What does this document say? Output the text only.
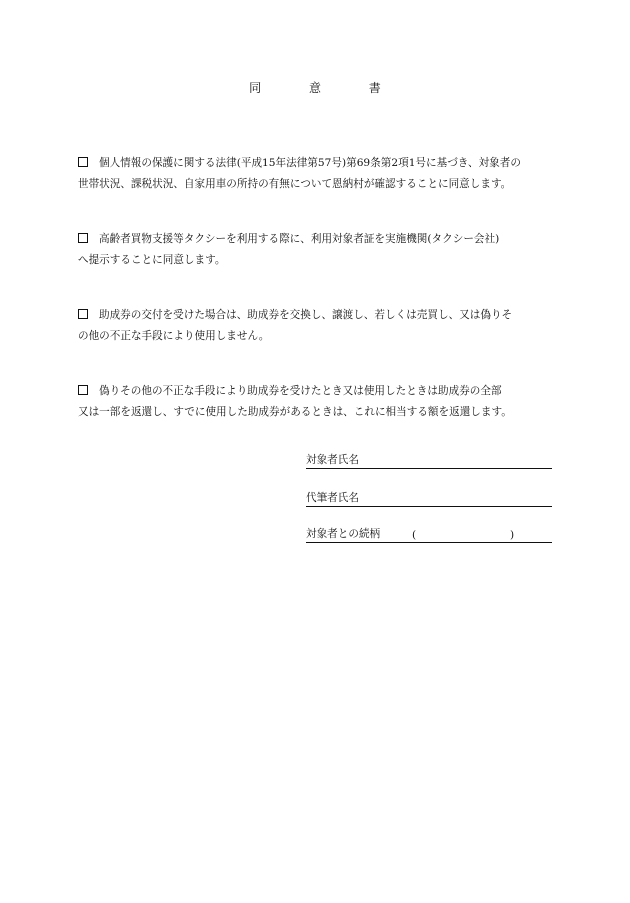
同 意 書
個人情報の保護に関する法律(平成15年法律第57号)第69条第2項1号に基づき、対象者の
世帯状況、課税状況、自家用車の所持の有無について恩納村が確認することに同意します。
高齢者買物支援等タクシーを利用する際に、利用対象者証を実施機関(タクシー会社)
へ提示することに同意します。
助成券の交付を受けた場合は、助成券を交換し、譲渡し、若しくは売買し、又は偽りそ
の他の不正な手段により使用しません。
偽りその他の不正な手段により助成券を受けたとき又は使用したときは助成券の全部
又は一部を返還し、すでに使用した助成券があるときは、これに相当する額を返還します。
対象者氏名
代筆者氏名
対象者との続柄	(	)
